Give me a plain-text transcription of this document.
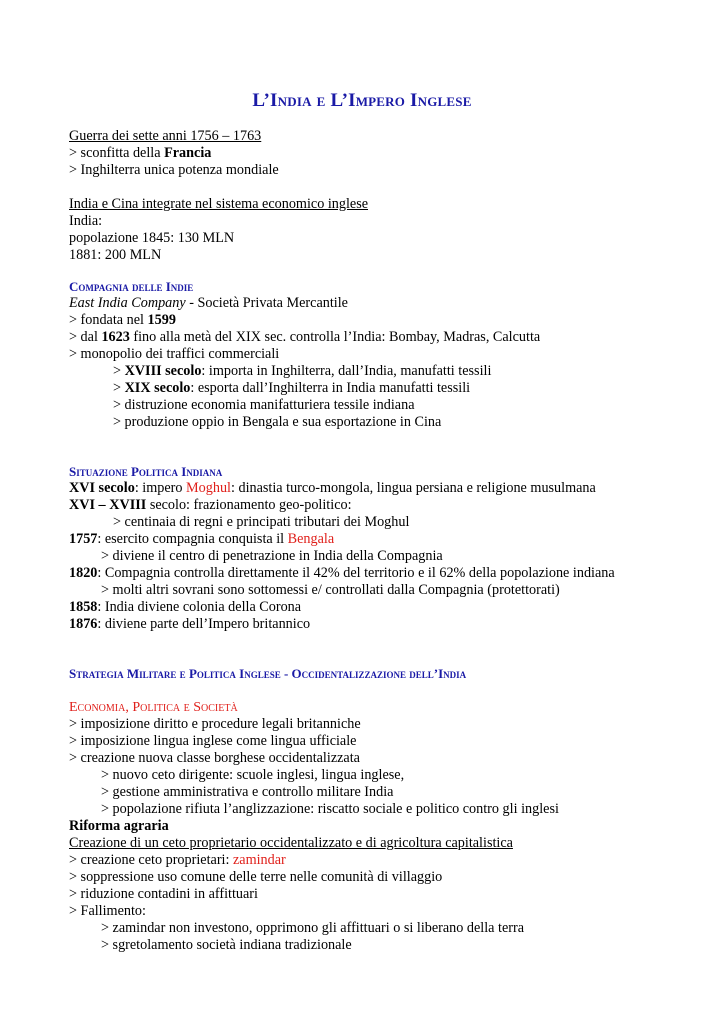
L’India e L’Impero Inglese
Guerra dei sette anni 1756 – 1763
> sconfitta della Francia
> Inghilterra unica potenza mondiale
India e Cina integrate nel sistema economico inglese
India:
popolazione 1845: 130 MLN
1881: 200 MLN
Compagnia delle Indie
East India Company - Società Privata Mercantile
> fondata nel 1599
> dal 1623 fino alla metà del XIX sec. controlla l’India: Bombay, Madras, Calcutta
> monopolio dei traffici commerciali
> XVIII secolo: importa in Inghilterra, dall’India, manufatti tessili
> XIX secolo: esporta dall’Inghilterra in India manufatti tessili
> distruzione economia manifatturiera tessile indiana
> produzione oppio in Bengala e sua esportazione in Cina
Situazione Politica Indiana
XVI secolo: impero Moghul: dinastia turco-mongola, lingua persiana e religione musulmana
XVI – XVIII secolo: frazionamento geo-politico:
> centinaia di regni e principati tributari dei Moghul
1757: esercito compagnia conquista il Bengala
> diviene il centro di penetrazione in India della Compagnia
1820: Compagnia controlla direttamente il 42% del territorio e il 62% della popolazione indiana
> molti altri sovrani sono sottomessi e/ controllati dalla Compagnia (protettorati)
1858: India diviene colonia della Corona
1876: diviene parte dell’Impero britannico
Strategia Militare e Politica Inglese - Occidentalizzazione dell’India
Economia, Politica e Società
> imposizione diritto e procedure legali britanniche
> imposizione lingua inglese come lingua ufficiale
> creazione nuova classe borghese occidentalizzata
> nuovo ceto dirigente: scuole inglesi, lingua inglese,
> gestione amministrativa e controllo militare India
> popolazione rifiuta l’anglizzazione: riscatto sociale e politico contro gli inglesi
Riforma agraria
Creazione di un ceto proprietario occidentalizzato e di agricoltura capitalistica
> creazione ceto proprietari: zamindar
> soppressione uso comune delle terre nelle comunità di villaggio
> riduzione contadini in affittuari
> Fallimento:
> zamindar non investono, opprimono gli affittuari o si liberano della terra
> sgretolamento società indiana tradizionale
